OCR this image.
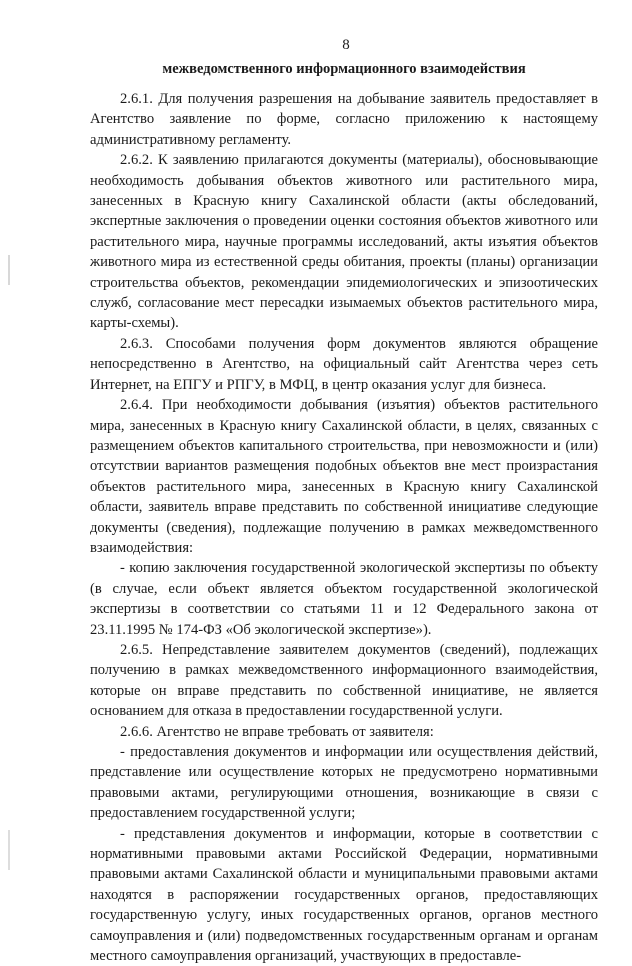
8
межведомственного информационного взаимодействия

2.6.1. Для получения разрешения на добывание заявитель предоставляет в Агентство заявление по форме, согласно приложению к настоящему административному регламенту.

2.6.2. К заявлению прилагаются документы (материалы), обосновывающие необходимость добывания объектов животного или растительного мира, занесенных в Красную книгу Сахалинской области (акты обследований, экспертные заключения о проведении оценки состояния объектов животного или растительного мира, научные программы исследований, акты изъятия объектов животного мира из естественной среды обитания, проекты (планы) организации строительства объектов, рекомендации эпидемиологических и эпизоотических служб, согласование мест пересадки изымаемых объектов растительного мира, карты-схемы).

2.6.3. Способами получения форм документов являются обращение непосредственно в Агентство, на официальный сайт Агентства через сеть Интернет, на ЕПГУ и РПГУ, в МФЦ, в центр оказания услуг для бизнеса.

2.6.4. При необходимости добывания (изъятия) объектов растительного мира, занесенных в Красную книгу Сахалинской области, в целях, связанных с размещением объектов капитального строительства, при невозможности и (или) отсутствии вариантов размещения подобных объектов вне мест произрастания объектов растительного мира, занесенных в Красную книгу Сахалинской области, заявитель вправе представить по собственной инициативе следующие документы (сведения), подлежащие получению в рамках межведомственного взаимодействия:

- копию заключения государственной экологической экспертизы по объекту (в случае, если объект является объектом государственной экологической экспертизы в соответствии со статьями 11 и 12 Федерального закона от 23.11.1995 № 174-ФЗ «Об экологической экспертизе»).

2.6.5. Непредставление заявителем документов (сведений), подлежащих получению в рамках межведомственного информационного взаимодействия, которые он вправе представить по собственной инициативе, не является основанием для отказа в предоставлении государственной услуги.

2.6.6. Агентство не вправе требовать от заявителя:

- предоставления документов и информации или осуществления действий, представление или осуществление которых не предусмотрено нормативными правовыми актами, регулирующими отношения, возникающие в связи с предоставлением государственной услуги;

- представления документов и информации, которые в соответствии с нормативными правовыми актами Российской Федерации, нормативными правовыми актами Сахалинской области и муниципальными правовыми актами находятся в распоряжении государственных органов, предоставляющих государственную услугу, иных государственных органов, органов местного самоуправления и (или) подведомственных государственным органам и органам местного самоуправления организаций, участвующих в предоставле-
